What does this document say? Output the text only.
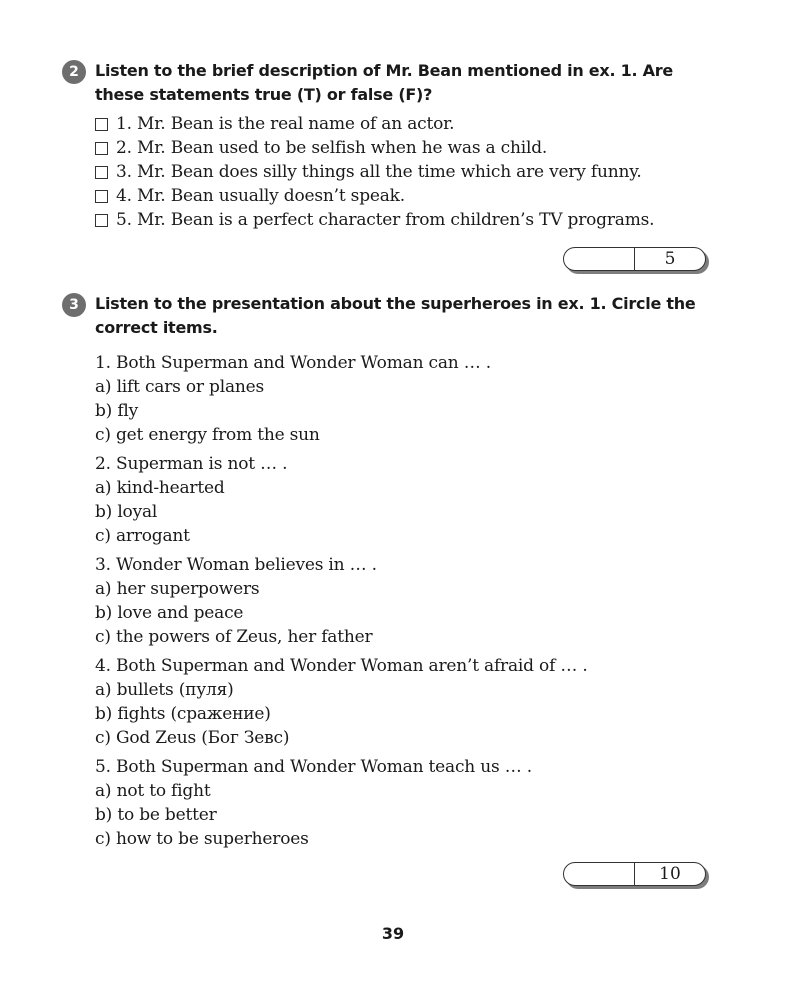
2	Listen to the brief description of Mr. Bean mentioned in ex. 1. Are these statements true (T) or false (F)?
1. Mr. Bean is the real name of an actor.
2. Mr. Bean used to be selfish when he was a child.
3. Mr. Bean does silly things all the time which are very funny.
4. Mr. Bean usually doesn’t speak.
5. Mr. Bean is a perfect character from children’s TV programs.
5
3	Listen to the presentation about the superheroes in ex. 1. Circle the correct items.
1. Both Superman and Wonder Woman can … .
a) lift cars or planes
b) fly
c) get energy from the sun
2. Superman is not … .
a) kind-hearted
b) loyal
c) arrogant
3. Wonder Woman believes in … .
a) her superpowers
b) love and peace
c) the powers of Zeus, her father
4. Both Superman and Wonder Woman aren’t afraid of … .
a) bullets (пуля)
b) fights (сражение)
c) God Zeus (Бог Зевс)
5. Both Superman and Wonder Woman teach us … .
a) not to fight
b) to be better
c) how to be superheroes
10
39
